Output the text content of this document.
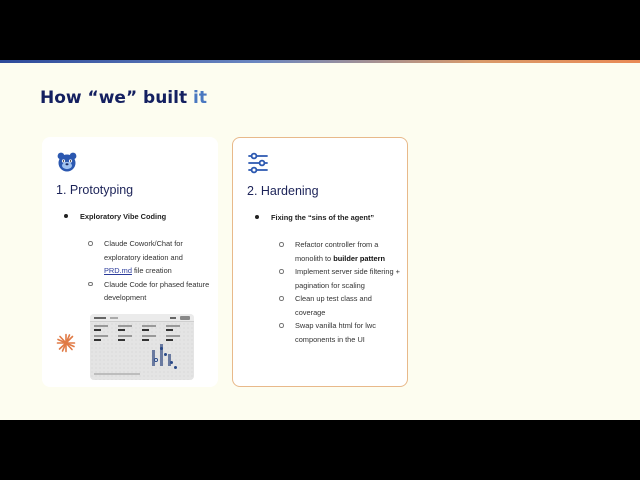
How “we” built it
1. Prototyping
Exploratory Vibe Coding
Claude Cowork/Chat for exploratory ideation and PRD.md file creation
Claude Code for phased feature development
2. Hardening
Fixing the “sins of the agent”
Refactor controller from a monolith to builder pattern
Implement server side filtering + pagination for scaling
Clean up test class and coverage
Swap vanilla html for lwc components in the UI
